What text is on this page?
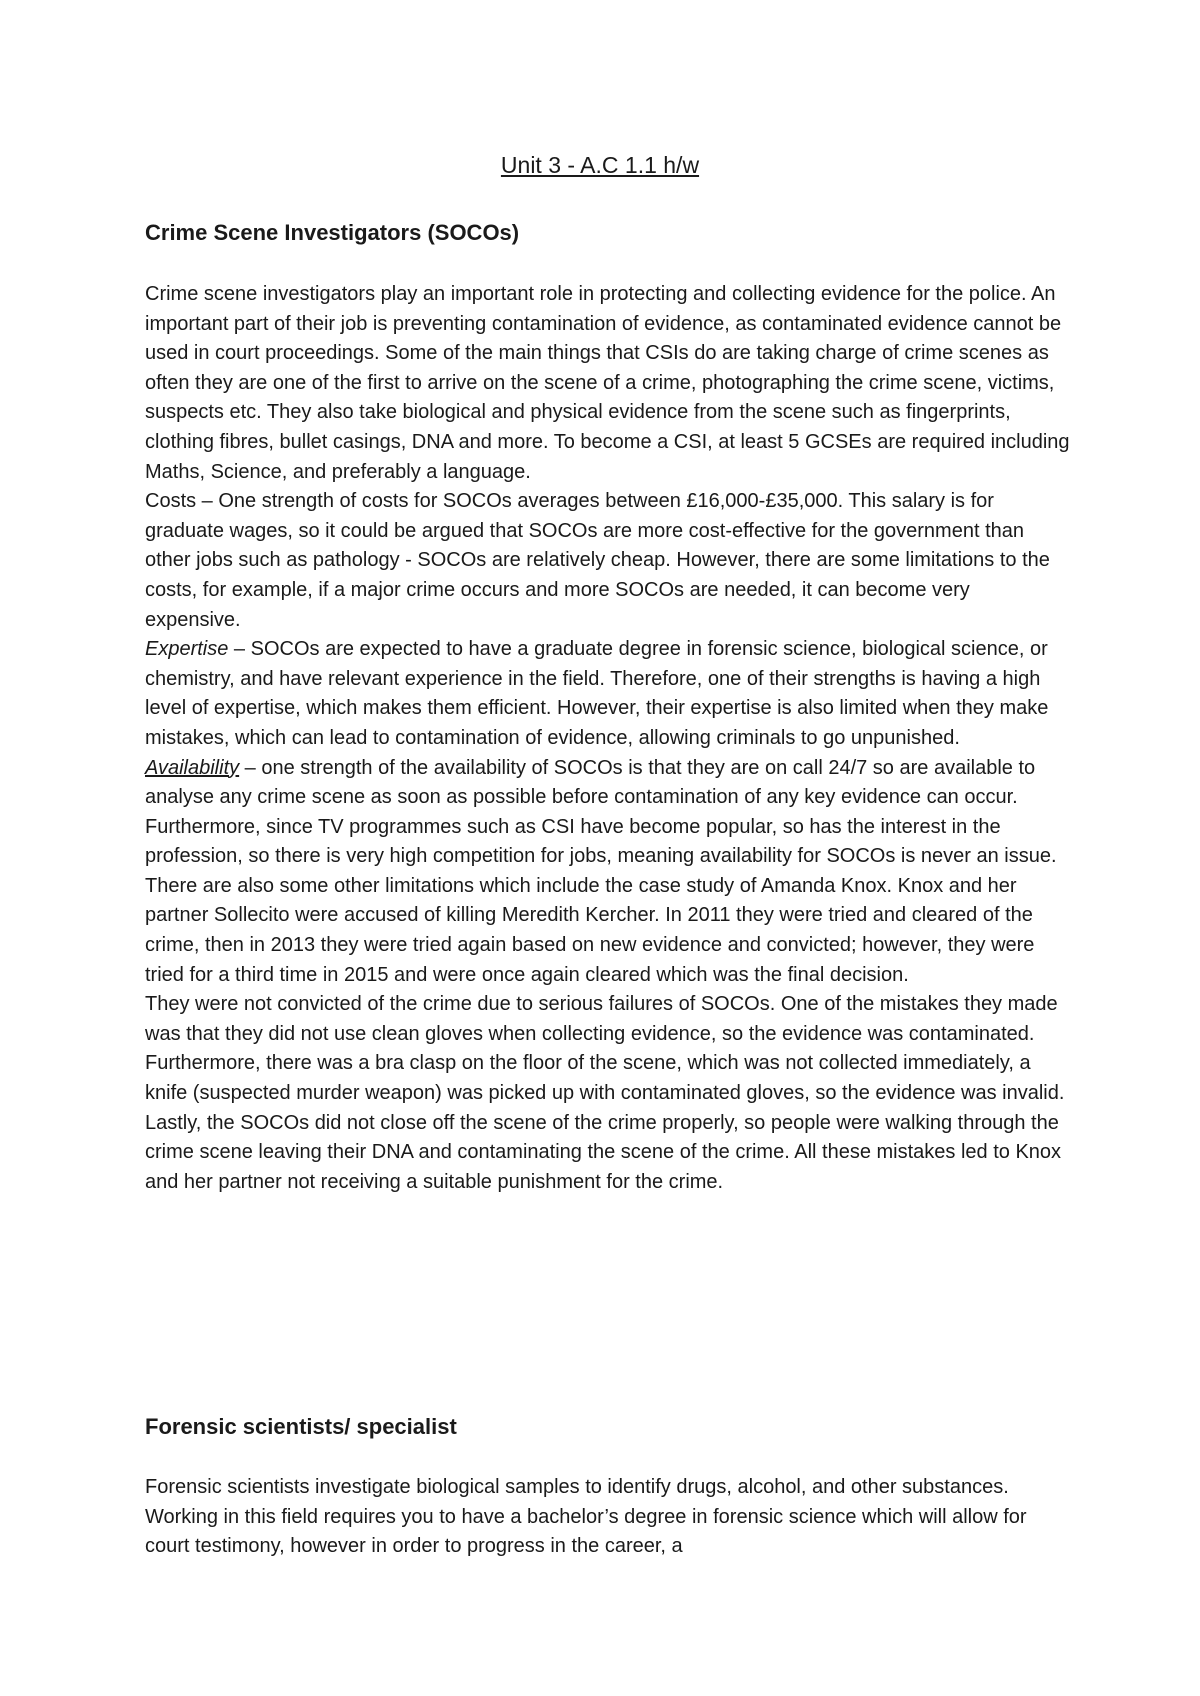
Unit 3 - A.C 1.1 h/w
Crime Scene Investigators (SOCOs)

Crime scene investigators play an important role in protecting and collecting evidence for the police. An important part of their job is preventing contamination of evidence, as contaminated evidence cannot be used in court proceedings. Some of the main things that CSIs do are taking charge of crime scenes as often they are one of the first to arrive on the scene of a crime, photographing the crime scene, victims, suspects etc. They also take biological and physical evidence from the scene such as fingerprints, clothing fibres, bullet casings, DNA and more. To become a CSI, at least 5 GCSEs are required including Maths, Science, and preferably a language.

Costs – One strength of costs for SOCOs averages between £16,000-£35,000. This salary is for graduate wages, so it could be argued that SOCOs are more cost-effective for the government than other jobs such as pathology - SOCOs are relatively cheap. However, there are some limitations to the costs, for example, if a major crime occurs and more SOCOs are needed, it can become very expensive.

Expertise – SOCOs are expected to have a graduate degree in forensic science, biological science, or chemistry, and have relevant experience in the field. Therefore, one of their strengths is having a high level of expertise, which makes them efficient. However, their expertise is also limited when they make mistakes, which can lead to contamination of evidence, allowing criminals to go unpunished.

Availability – one strength of the availability of SOCOs is that they are on call 24/7 so are available to analyse any crime scene as soon as possible before contamination of any key evidence can occur. Furthermore, since TV programmes such as CSI have become popular, so has the interest in the profession, so there is very high competition for jobs, meaning availability for SOCOs is never an issue.

There are also some other limitations which include the case study of Amanda Knox. Knox and her partner Sollecito were accused of killing Meredith Kercher. In 2011 they were tried and cleared of the crime, then in 2013 they were tried again based on new evidence and convicted; however, they were tried for a third time in 2015 and were once again cleared which was the final decision.

They were not convicted of the crime due to serious failures of SOCOs. One of the mistakes they made was that they did not use clean gloves when collecting evidence, so the evidence was contaminated. Furthermore, there was a bra clasp on the floor of the scene, which was not collected immediately, a knife (suspected murder weapon) was picked up with contaminated gloves, so the evidence was invalid. Lastly, the SOCOs did not close off the scene of the crime properly, so people were walking through the crime scene leaving their DNA and contaminating the scene of the crime. All these mistakes led to Knox and her partner not receiving a suitable punishment for the crime.

Forensic scientists/ specialist

Forensic scientists investigate biological samples to identify drugs, alcohol, and other substances. Working in this field requires you to have a bachelor’s degree in forensic science which will allow for court testimony, however in order to progress in the career, a
